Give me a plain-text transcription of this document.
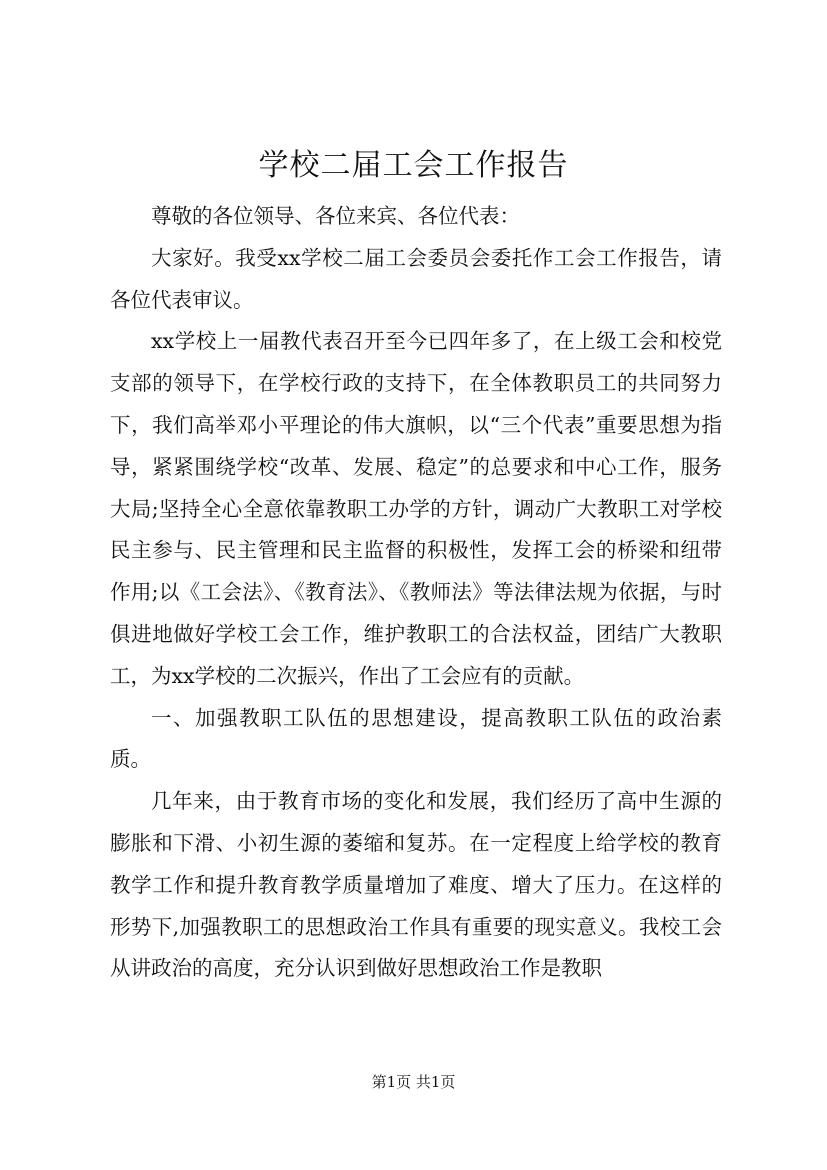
学校二届工会工作报告

尊敬的各位领导、各位来宾、各位代表：

大家好。我受xx学校二届工会委员会委托作工会工作报告，请各位代表审议。

xx学校上一届教代表召开至今已四年多了，在上级工会和校党支部的领导下，在学校行政的支持下，在全体教职员工的共同努力下，我们高举邓小平理论的伟大旗帜，以“三个代表”重要思想为指导，紧紧围绕学校“改革、发展、稳定”的总要求和中心工作，服务大局;坚持全心全意依靠教职工办学的方针，调动广大教职工对学校民主参与、民主管理和民主监督的积极性，发挥工会的桥梁和纽带作用;以《工会法》、《教育法》、《教师法》等法律法规为依据，与时俱进地做好学校工会工作，维护教职工的合法权益，团结广大教职工，为xx学校的二次振兴，作出了工会应有的贡献。

一、加强教职工队伍的思想建设，提高教职工队伍的政治素质。

几年来，由于教育市场的变化和发展，我们经历了高中生源的膨胀和下滑、小初生源的萎缩和复苏。在一定程度上给学校的教育教学工作和提升教育教学质量增加了难度、增大了压力。在这样的形势下,加强教职工的思想政治工作具有重要的现实意义。我校工会从讲政治的高度，充分认识到做好思想政治工作是教职

第1页 共1页
